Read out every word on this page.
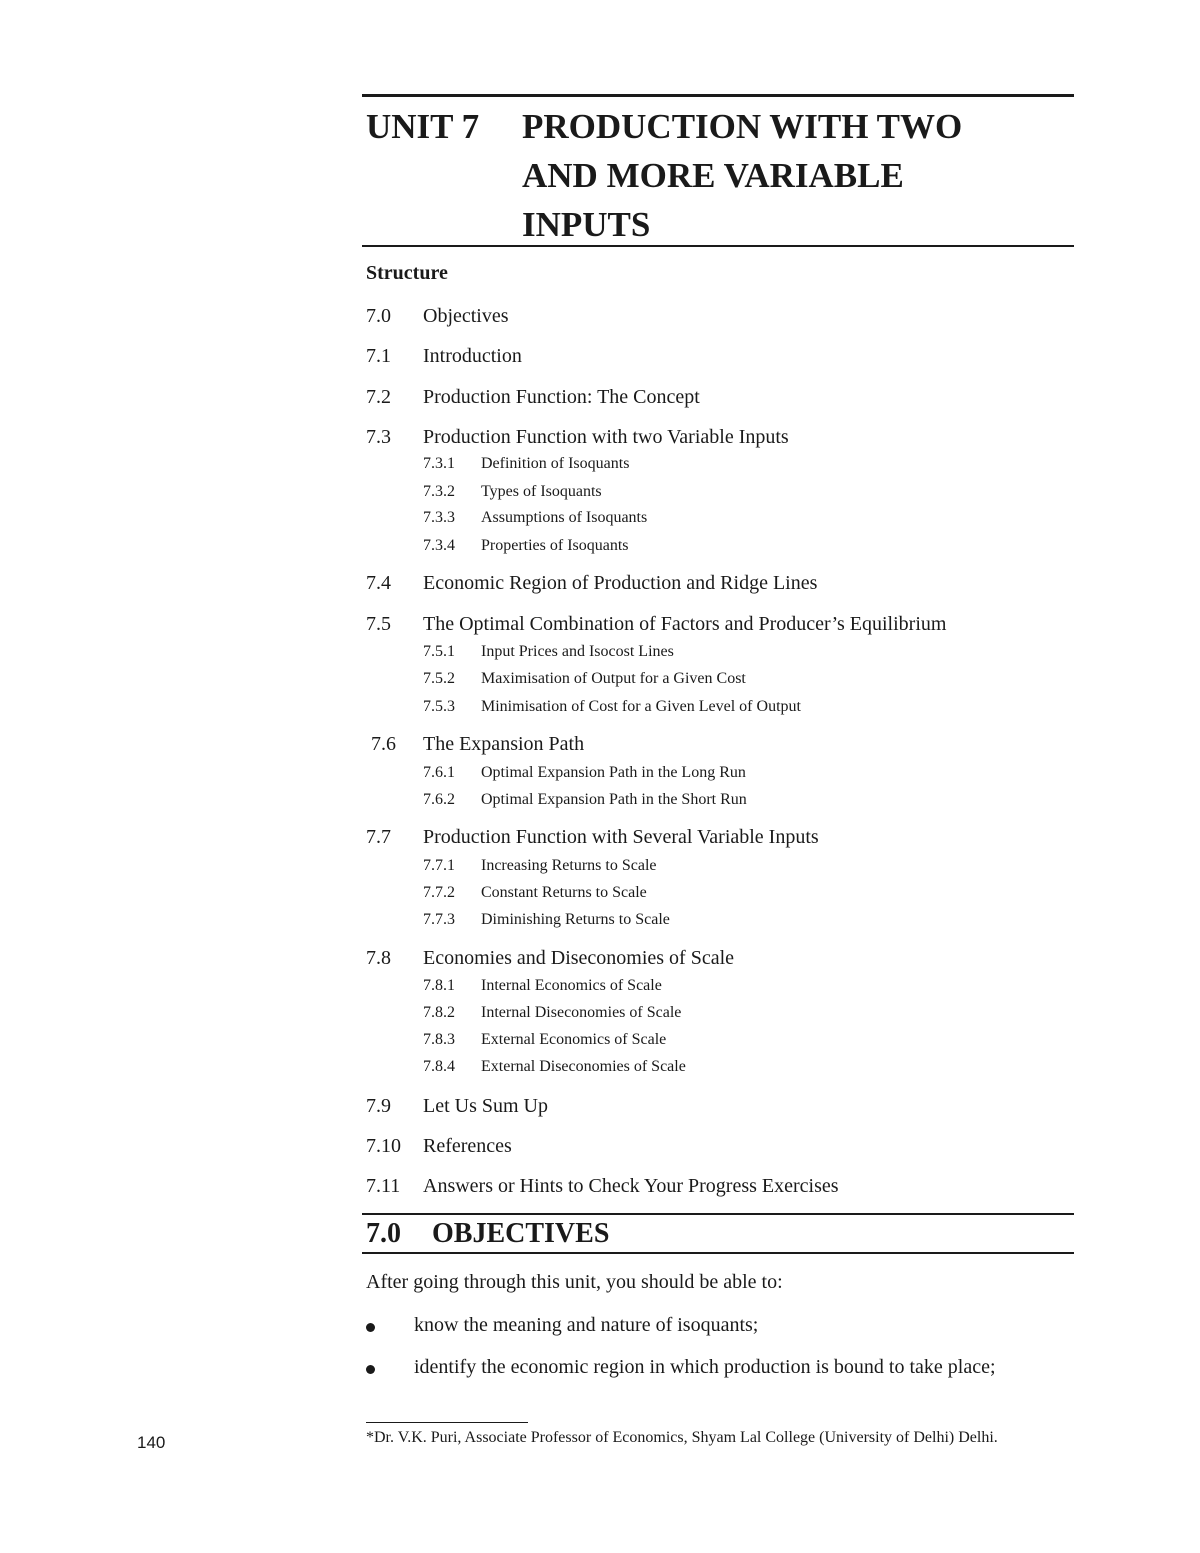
UNIT 7 PRODUCTION WITH TWO
AND MORE VARIABLE
INPUTS
Structure
7.0 Objectives
7.1 Introduction
7.2 Production Function: The Concept
7.3 Production Function with two Variable Inputs
7.3.1 Definition of Isoquants
7.3.2 Types of Isoquants
7.3.3 Assumptions of Isoquants
7.3.4 Properties of Isoquants
7.4 Economic Region of Production and Ridge Lines
7.5 The Optimal Combination of Factors and Producer’s Equilibrium
7.5.1 Input Prices and Isocost Lines
7.5.2 Maximisation of Output for a Given Cost
7.5.3 Minimisation of Cost for a Given Level of Output
7.6 The Expansion Path
7.6.1 Optimal Expansion Path in the Long Run
7.6.2 Optimal Expansion Path in the Short Run
7.7 Production Function with Several Variable Inputs
7.7.1 Increasing Returns to Scale
7.7.2 Constant Returns to Scale
7.7.3 Diminishing Returns to Scale
7.8 Economies and Diseconomies of Scale
7.8.1 Internal Economics of Scale
7.8.2 Internal Diseconomies of Scale
7.8.3 External Economics of Scale
7.8.4 External Diseconomies of Scale
7.9 Let Us Sum Up
7.10 References
7.11 Answers or Hints to Check Your Progress Exercises
7.0 OBJECTIVES
After going through this unit, you should be able to:
know the meaning and nature of isoquants;
identify the economic region in which production is bound to take place;
*Dr. V.K. Puri, Associate Professor of Economics, Shyam Lal College (University of Delhi) Delhi.
140
